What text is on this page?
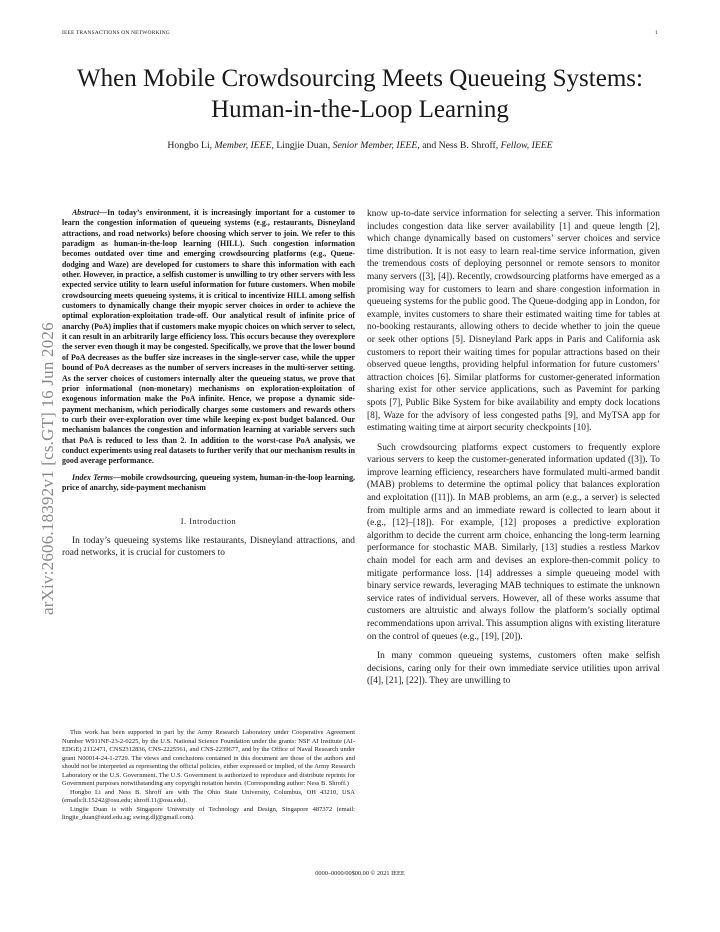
IEEE TRANSACTIONS ON NETWORKING	1
When Mobile Crowdsourcing Meets Queueing Systems: Human-in-the-Loop Learning
Hongbo Li, Member, IEEE, Lingjie Duan, Senior Member, IEEE, and Ness B. Shroff, Fellow, IEEE
arXiv:2606.18392v1 [cs.GT] 16 Jun 2026

Abstract—In today’s environment, it is increasingly important for a customer to learn the congestion information of queueing systems (e.g., restaurants, Disneyland attractions, and road networks) before choosing which server to join. We refer to this paradigm as human-in-the-loop learning (HILL). Such congestion information becomes outdated over time and emerging crowdsourcing platforms (e.g., Queue-dodging and Waze) are developed for customers to share this information with each other. However, in practice, a selfish customer is unwilling to try other servers with less expected service utility to learn useful information for future customers. When mobile crowdsourcing meets queueing systems, it is critical to incentivize HILL among selfish customers to dynamically change their myopic server choices in order to achieve the optimal exploration-exploitation trade-off. Our analytical result of infinite price of anarchy (PoA) implies that if customers make myopic choices on which server to select, it can result in an arbitrarily large efficiency loss. This occurs because they overexplore the server even though it may be congested. Specifically, we prove that the lower bound of PoA decreases as the buffer size increases in the single-server case, while the upper bound of PoA decreases as the number of servers increases in the multi-server setting. As the server choices of customers internally alter the queueing status, we prove that prior informational (non-monetary) mechanisms on exploration-exploitation of exogenous information make the PoA infinite. Hence, we propose a dynamic side-payment mechanism, which periodically charges some customers and rewards others to curb their over-exploration over time while keeping ex-post budget balanced. Our mechanism balances the congestion and information learning at variable servers such that PoA is reduced to less than 2. In addition to the worst-case PoA analysis, we conduct experiments using real datasets to further verify that our mechanism results in good average performance.

Index Terms—mobile crowdsourcing, queueing system, human-in-the-loop learning, price of anarchy, side-payment mechanism

I. Introduction

In today’s queueing systems like restaurants, Disneyland attractions, and road networks, it is crucial for customers to

This work has been supported in part by the Army Research Laboratory under Cooperative Agreement Number W911NF-23-2-0225, by the U.S. National Science Foundation under the grants: NSF AI Institute (AI-EDGE) 2112471, CNS2312836, CNS-2225561, and CNS-2239677, and by the Office of Naval Research under grant N00014-24-1-2729. The views and conclusions contained in this document are those of the authors and should not be interpreted as representing the official policies, either expressed or implied, of the Army Research Laboratory or the U.S. Government. The U.S. Government is authorized to reproduce and distribute reprints for Government purposes notwithstanding any copyright notation herein. (Corresponding author: Ness B. Shroff.)

Hongbo Li and Ness B. Shroff are with The Ohio State University, Columbus, OH 43210, USA (emails:li.15242@osu.edu; shroff.11@osu.edu).

Lingjie Duan is with Singapore University of Technology and Design, Singapore 487372 (email: lingjie_duan@sutd.edu.sg; swing.dlj@gmail.com).

know up-to-date service information for selecting a server. This information includes congestion data like server availability [1] and queue length [2], which change dynamically based on customers’ server choices and service time distribution. It is not easy to learn real-time service information, given the tremendous costs of deploying personnel or remote sensors to monitor many servers ([3], [4]). Recently, crowdsourcing platforms have emerged as a promising way for customers to learn and share congestion information in queueing systems for the public good. The Queue-dodging app in London, for example, invites customers to share their estimated waiting time for tables at no-booking restaurants, allowing others to decide whether to join the queue or seek other options [5]. Disneyland Park apps in Paris and California ask customers to report their waiting times for popular attractions based on their observed queue lengths, providing helpful information for future customers’ attraction choices [6]. Similar platforms for customer-generated information sharing exist for other service applications, such as Pavemint for parking spots [7], Public Bike System for bike availability and empty dock locations [8], Waze for the advisory of less congested paths [9], and MyTSA app for estimating waiting time at airport security checkpoints [10].

Such crowdsourcing platforms expect customers to frequently explore various servers to keep the customer-generated information updated ([3]). To improve learning efficiency, researchers have formulated multi-armed bandit (MAB) problems to determine the optimal policy that balances exploration and exploitation ([11]). In MAB problems, an arm (e.g., a server) is selected from multiple arms and an immediate reward is collected to learn about it (e.g., [12]–[18]). For example, [12] proposes a predictive exploration algorithm to decide the current arm choice, enhancing the long-term learning performance for stochastic MAB. Similarly, [13] studies a restless Markov chain model for each arm and devises an explore-then-commit policy to mitigate performance loss. [14] addresses a simple queueing model with binary service rewards, leveraging MAB techniques to estimate the unknown service rates of individual servers. However, all of these works assume that customers are altruistic and always follow the platform’s socially optimal recommendations upon arrival. This assumption aligns with existing literature on the control of queues (e.g., [19], [20]).

In many common queueing systems, customers often make selfish decisions, caring only for their own immediate service utilities upon arrival ([4], [21], [22]). They are unwilling to

0000–0000/00$00.00 © 2021 IEEE
